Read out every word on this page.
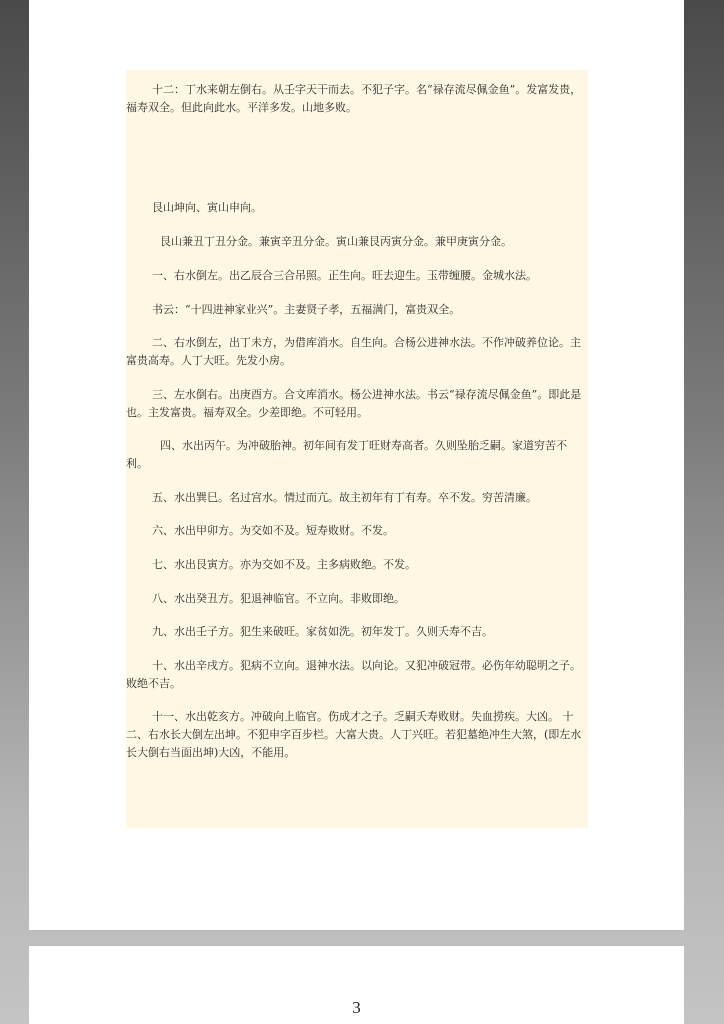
十二：丁水来朝左倒右。从壬字天干而去。不犯子字。名“禄存流尽佩金鱼”。发富发贵，福寿双全。但此向此水。平洋多发。山地多败。

艮山坤向、寅山申向。

艮山兼丑丁丑分金。兼寅辛丑分金。寅山兼艮丙寅分金。兼甲庚寅分金。

一、右水倒左。出乙辰合三合吊照。正生向。旺去迎生。玉带缠腰。金城水法。

书云：“十四进神家业兴”。主妻贤子孝，五福满门，富贵双全。

二、右水倒左，出丁未方，为借库消水。自生向。合杨公进神水法。不作冲破养位论。主富贵高寿。人丁大旺。先发小房。

三、左水倒右。出庚酉方。合文库消水。杨公进神水法。书云“禄存流尽佩金鱼”。即此是也。主发富贵。福寿双全。少差即绝。不可轻用。

四、水出丙午。为冲破胎神。初年间有发丁旺财寿高者。久则坠胎乏嗣。家道穷苦不利。

五、水出巽巳。名过宫水。情过而亢。故主初年有丁有寿。卒不发。穷苦清廉。

六、水出甲卯方。为交如不及。短寿败财。不发。

七、水出艮寅方。亦为交如不及。主多病败绝。不发。

八、水出癸丑方。犯退神临官。不立向。非败即绝。

九、水出壬子方。犯生来破旺。家贫如洗。初年发丁。久则夭寿不吉。

十、水出辛戌方。犯病不立向。退神水法。以向论。又犯冲破冠带。必伤年幼聪明之子。败绝不吉。

十一、水出乾亥方。冲破向上临官。伤成才之子。乏嗣夭寿败财。失血捞疾。大凶。 十二、右水长大倒左出坤。不犯申字百步栏。大富大贵。人丁兴旺。若犯墓绝冲生大煞，(即左水长大倒右当面出坤)大凶，不能用。

3
